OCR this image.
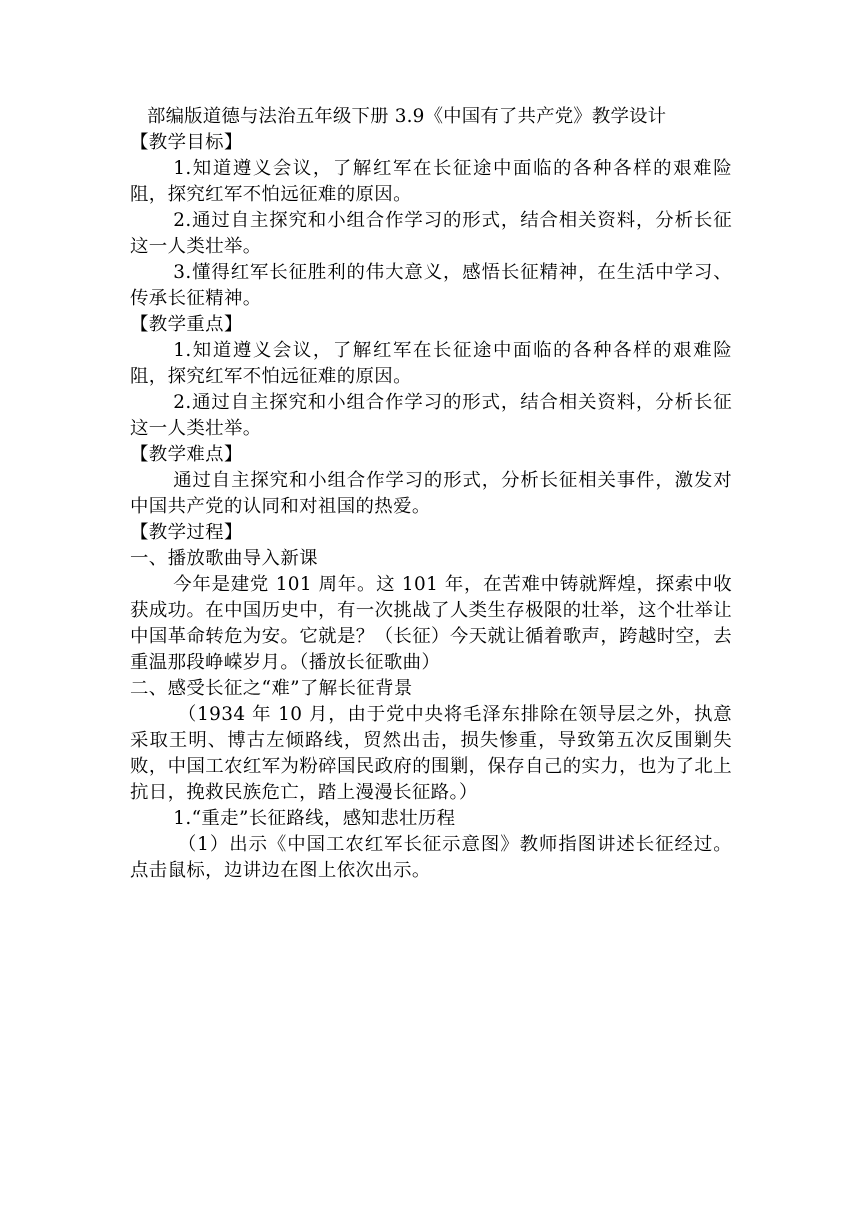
部编版道德与法治五年级下册 3.9《中国有了共产党》教学设计
【教学目标】

1.知道遵义会议，了解红军在长征途中面临的各种各样的艰难险阻，探究红军不怕远征难的原因。

2.通过自主探究和小组合作学习的形式，结合相关资料，分析长征这一人类壮举。

3.懂得红军长征胜利的伟大意义，感悟长征精神，在生活中学习、传承长征精神。

【教学重点】

1.知道遵义会议，了解红军在长征途中面临的各种各样的艰难险阻，探究红军不怕远征难的原因。

2.通过自主探究和小组合作学习的形式，结合相关资料，分析长征这一人类壮举。

【教学难点】

通过自主探究和小组合作学习的形式，分析长征相关事件，激发对中国共产党的认同和对祖国的热爱。

【教学过程】

一、播放歌曲导入新课

今年是建党 101 周年。这 101 年，在苦难中铸就辉煌，探索中收获成功。在中国历史中，有一次挑战了人类生存极限的壮举，这个壮举让中国革命转危为安。它就是？（长征）今天就让循着歌声，跨越时空，去重温那段峥嵘岁月。（播放长征歌曲）

二、感受长征之“难”了解长征背景

（1934 年 10 月，由于党中央将毛泽东排除在领导层之外，执意采取王明、博古左倾路线，贸然出击，损失惨重，导致第五次反围剿失败，中国工农红军为粉碎国民政府的围剿，保存自己的实力，也为了北上抗日，挽救民族危亡，踏上漫漫长征路。）

1.“重走”长征路线，感知悲壮历程

（1）出示《中国工农红军长征示意图》教师指图讲述长征经过。点击鼠标，边讲边在图上依次出示。
